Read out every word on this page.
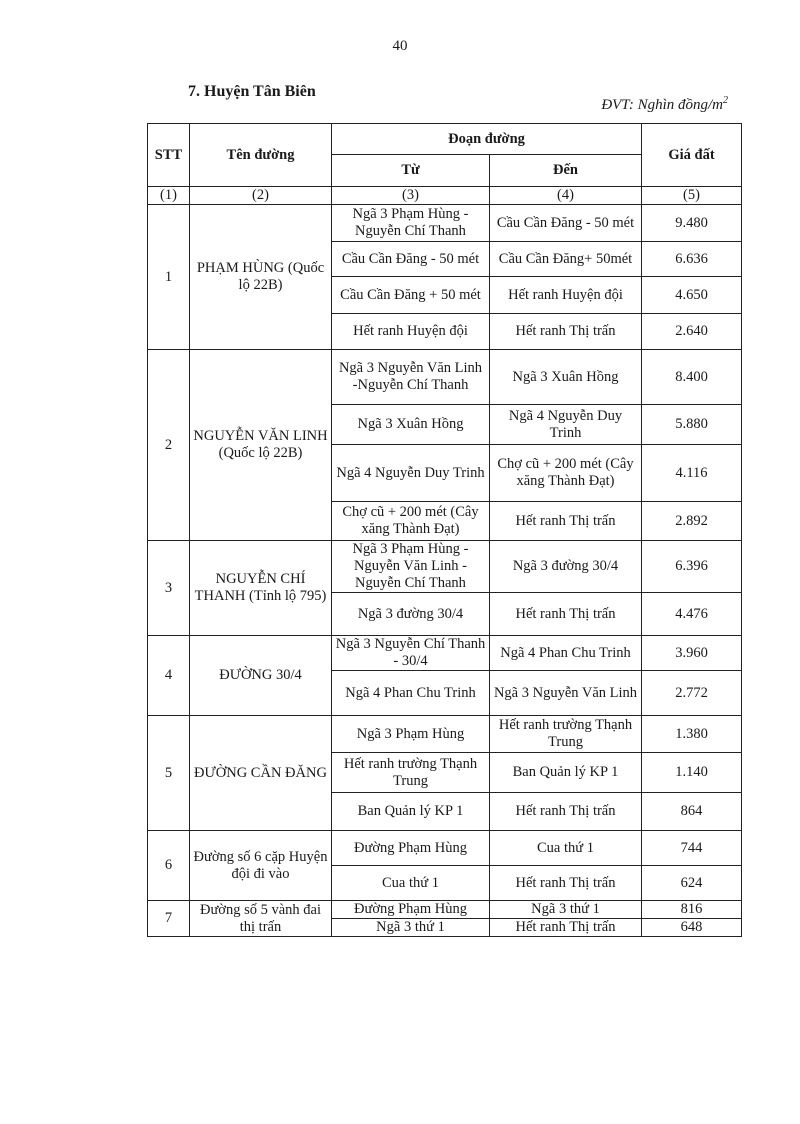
40
7. Huyện Tân Biên
ĐVT: Nghìn đồng/$m^2$
STT	Tên đường	Đoạn đường		Giá đất
		Từ	Đến	
(1)	(2)	(3)	(4)	(5)
1	PHẠM HÙNG (Quốc lộ 22B)	Ngã 3 Phạm Hùng - Nguyễn Chí Thanh	Cầu Cần Đăng - 50 mét	9.480
		Cầu Cần Đăng - 50 mét	Cầu Cần Đăng+ 50mét	6.636
		Cầu Cần Đăng + 50 mét	Hết ranh Huyện đội	4.650
		Hết ranh Huyện đội	Hết ranh Thị trấn	2.640
2	NGUYỄN VĂN LINH (Quốc lộ 22B)	Ngã 3 Nguyễn Văn Linh -Nguyễn Chí Thanh	Ngã 3 Xuân Hồng	8.400
		Ngã 3 Xuân Hồng	Ngã 4 Nguyễn Duy Trinh	5.880
		Ngã 4 Nguyễn Duy Trinh	Chợ cũ + 200 mét (Cây xăng Thành Đạt)	4.116
		Chợ cũ + 200 mét (Cây xăng Thành Đạt)	Hết ranh Thị trấn	2.892
3	NGUYỄN CHÍ THANH (Tỉnh lộ 795)	Ngã 3 Phạm Hùng - Nguyễn Văn Linh - Nguyễn Chí Thanh	Ngã 3 đường 30/4	6.396
		Ngã 3 đường 30/4	Hết ranh Thị trấn	4.476
4	ĐƯỜNG 30/4	Ngã 3 Nguyễn Chí Thanh - 30/4	Ngã 4 Phan Chu Trinh	3.960
		Ngã 4 Phan Chu Trinh	Ngã 3 Nguyễn Văn Linh	2.772
5	ĐƯỜNG CẦN ĐĂNG	Ngã 3 Phạm Hùng	Hết ranh trường Thạnh Trung	1.380
		Hết ranh trường Thạnh Trung	Ban Quản lý KP 1	1.140
		Ban Quản lý KP 1	Hết ranh Thị trấn	864
6	Đường số 6 cặp Huyện đội đi vào	Đường Phạm Hùng	Cua thứ 1	744
		Cua thứ 1	Hết ranh Thị trấn	624
7	Đường số 5 vành đai thị trấn	Đường Phạm Hùng	Ngã 3 thứ 1	816
		Ngã 3 thứ 1	Hết ranh Thị trấn	648
